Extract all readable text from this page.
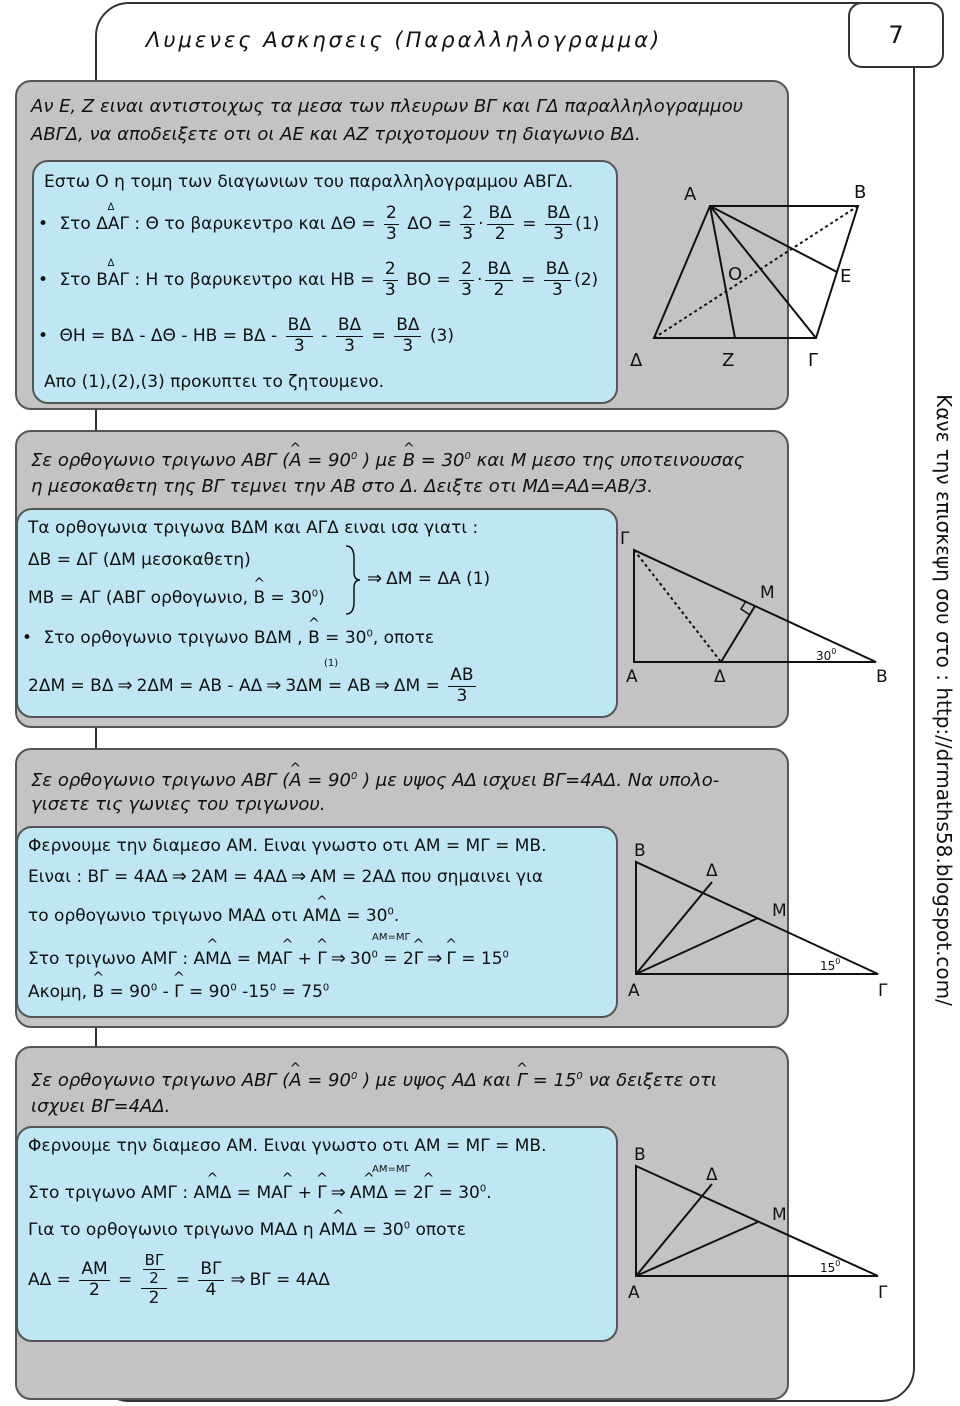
7
Λυμενες Ασκησεις (Παραλληλογραμμα)
Κανε την επισκεψη σου στο : http://drmaths58.blogspot.com/
Αν Ε, Ζ ειναι αντιστοιχως τα μεσα των πλευρων ΒΓ και ΓΔ παραλληλογραμμου
ΑΒΓΔ, να αποδειξετε οτι οι ΑΕ και ΑΖ τριχοτομουν τη διαγωνιο ΒΔ.
Εστω Ο η τομη των διαγωνιων του παραλληλογραμμου ΑΒΓΔ.
• Στο ∆ ΔΑΓ : Θ το βαρυκεντρο και $\Delta\Theta = \frac{2}{3}$ $\Delta O = \frac{2}{3} \cdot \frac{B\Delta}{2} = \frac{B\Delta}{3} (1)$
• Στο ∆ ΒΑΓ : Η το βαρυκεντρο και $HB = \frac{2}{3}$ $BO = \frac{2}{3} \cdot \frac{B\Delta}{2} = \frac{B\Delta}{3} (2)$
• $\Theta H = B\Delta - \Delta\Theta - HB = B\Delta - \frac{B\Delta}{3} - \frac{B\Delta}{3} = \frac{B\Delta}{3} (3)$
Απο (1),(2),(3) προκυπτει το ζητουμενο.
Α	Β
Ο	Ε
Δ	Ζ	Γ
Σε ορθογωνιο τριγωνο ΑΒΓ (^ $A = 90^0$ ) με ^ $B = 30^0$ και Μ μεσο της υποτεινουσας
η μεσοκαθετη της ΒΓ τεμνει την ΑΒ στο Δ. Δειξτε οτι ΜΔ=ΑΔ=ΑΒ/3.
Τα ορθογωνια τριγωνα ΒΔΜ και ΑΓΔ ειναι ισα γιατι :
ΔΒ = ΔΓ (ΔΜ μεσοκαθετη)
ΜΒ = ΑΓ (ΑΒΓ ορθογωνιο, ^ $B = 30^0$)
⇒ ΔΜ = ΔΑ (1)
• Στο ορθογωνιο τριγωνο ΒΔΜ , ^ $B = 30^0$, οποτε
(1)
2ΔΜ = ΒΔ ⇒ 2ΔΜ = ΑΒ - ΑΔ ⇒ 3ΔΜ = ΑΒ ⇒ $\Delta M = \frac{AB}{3}$
Γ
Μ
Α	Δ	Β
$30^0$
Σε ορθογωνιο τριγωνο ΑΒΓ (^ $A = 90^0$ ) με υψος ΑΔ ισχυει ΒΓ=4ΑΔ. Να υπολο-
γισετε τις γωνιες του τριγωνου.
Φερνουμε την διαμεσο ΑΜ. Ειναι γνωστο οτι ΑΜ = ΜΓ = ΜΒ.
Ειναι : ΒΓ = 4ΑΔ ⇒ 2ΑΜ = 4ΑΔ ⇒ ΑΜ = 2ΑΔ που σημαινει για
το ορθογωνιο τριγωνο ΜΑΔ οτι Α^ $M\Delta = 30^0$.
ΑΜ=ΜΓ
Στο τριγωνο ΑΜΓ : Α^ ΜΔ = ΜΑ^ Γ + ^ Γ ⇒ $30^0$ = 2^ Γ ⇒^ $\Gamma = 15^0$
Ακομη, ^ $B = 90^0$ - ^ $\Gamma = 90^0$ $-15^0 = 75^0$
Β
Δ
Μ
Α	Γ
$15^0$
Σε ορθογωνιο τριγωνο ΑΒΓ (^ $A = 90^0$ ) με υψος ΑΔ και ^ $\Gamma = 15^0$ να δειξετε οτι
ισχυει ΒΓ=4ΑΔ.
Φερνουμε την διαμεσο ΑΜ. Ειναι γνωστο οτι ΑΜ = ΜΓ = ΜΒ.
ΑΜ=ΜΓ
Στο τριγωνο ΑΜΓ : Α^ ΜΔ = ΜΑ^ Γ + ^ Γ ⇒ Α^ ΜΔ = 2^ $\Gamma = 30^0$.
Για το ορθογωνιο τριγωνο ΜΑΔ η Α^ $M\Delta = 30^0$ οποτε
$A\Delta = \frac{AM}{2} = \frac{\frac{B\Gamma}{2}}{2} = \frac{B\Gamma}{4}$ ⇒ ΒΓ = 4ΑΔ
Β
Δ
Μ
Α	Γ
$15^0$
